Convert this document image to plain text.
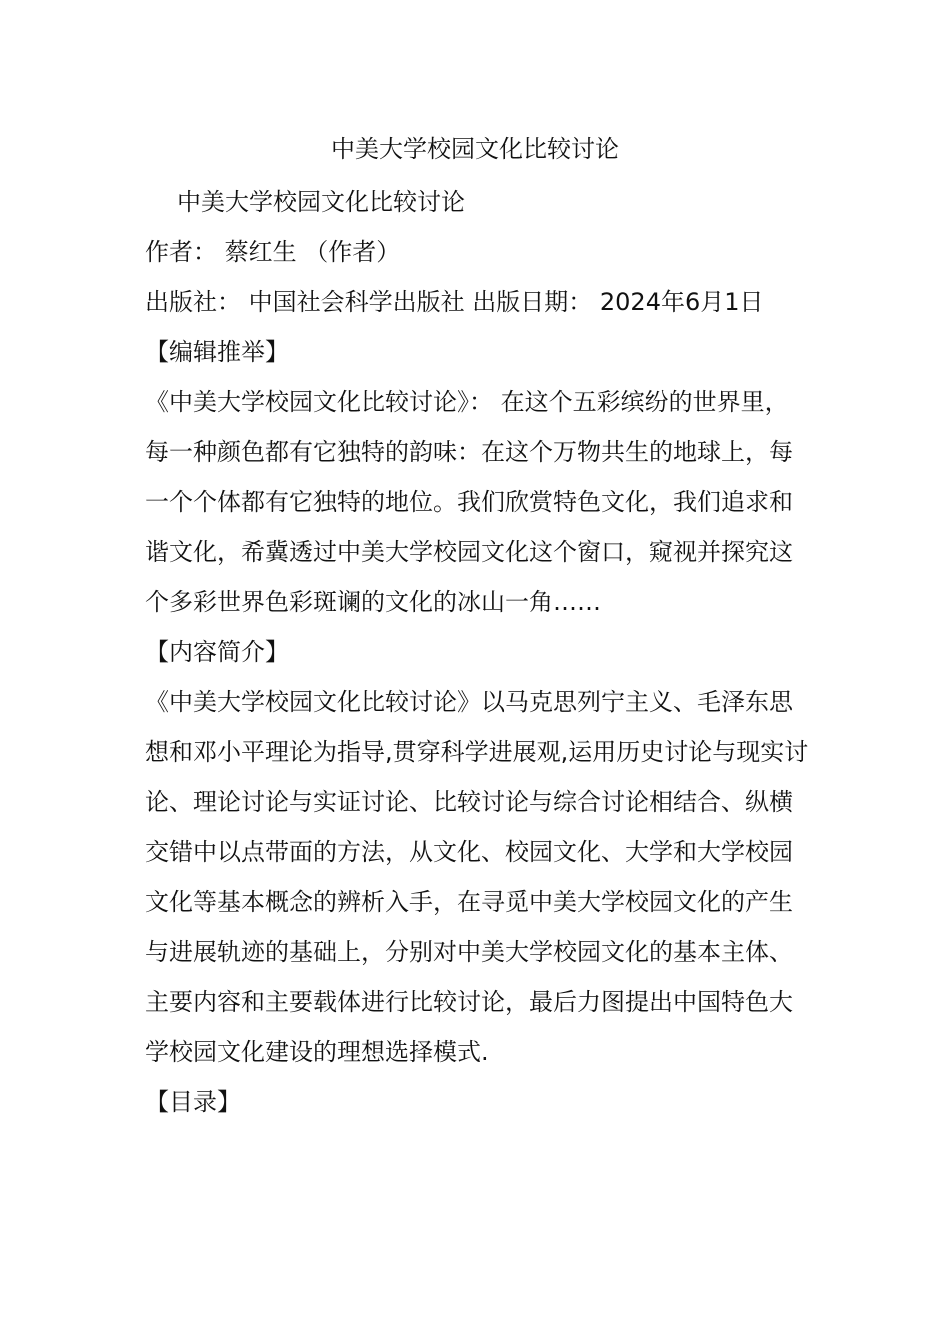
中美大学校园文化比较讨论

中美大学校园文化比较讨论

作者： 蔡红生 （作者）

出版社： 中国社会科学出版社 出版日期： 2024年6月1日

【编辑推举】

《中美大学校园文化比较讨论》： 在这个五彩缤纷的世界里，每一种颜色都有它独特的韵味：在这个万物共生的地球上，每一个个体都有它独特的地位。我们欣赏特色文化，我们追求和谐文化，希冀透过中美大学校园文化这个窗口，窥视并探究这个多彩世界色彩斑谰的文化的冰山一角……

【内容简介】

《中美大学校园文化比较讨论》以马克思列宁主义、毛泽东思想和邓小平理论为指导,贯穿科学进展观,运用历史讨论与现实讨论、理论讨论与实证讨论、比较讨论与综合讨论相结合、纵横交错中以点带面的方法，从文化、校园文化、大学和大学校园文化等基本概念的辨析入手，在寻觅中美大学校园文化的产生与进展轨迹的基础上，分别对中美大学校园文化的基本主体、主要内容和主要载体进行比较讨论，最后力图提出中国特色大学校园文化建设的理想选择模式.

【目录】
